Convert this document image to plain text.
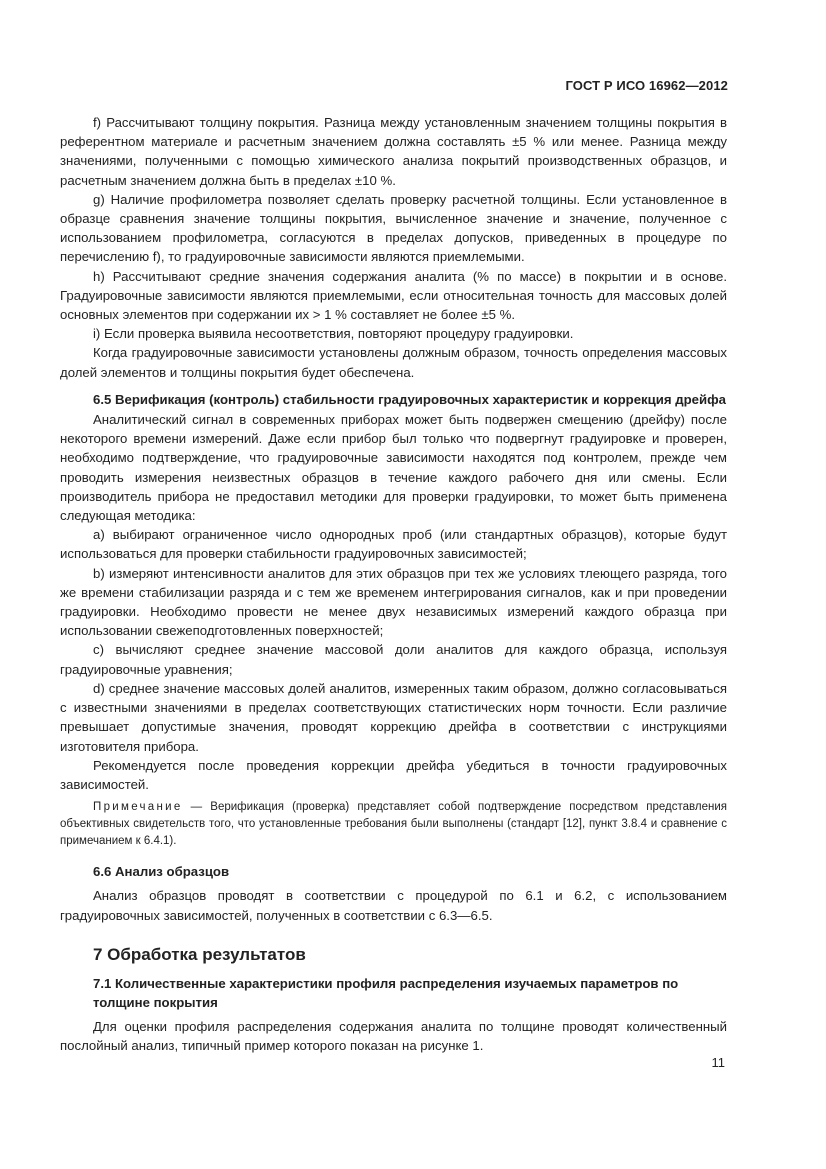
ГОСТ Р ИСО 16962—2012

f) Рассчитывают толщину покрытия. Разница между установленным значением толщины покрытия в референтном материале и расчетным значением должна составлять ±5 % или менее. Разница между значениями, полученными с помощью химического анализа покрытий производственных образцов, и расчетным значением должна быть в пределах ±10 %.

g) Наличие профилометра позволяет сделать проверку расчетной толщины. Если установленное в образце сравнения значение толщины покрытия, вычисленное значение и значение, полученное с использованием профилометра, согласуются в пределах допусков, приведенных в процедуре по перечислению f), то градуировочные зависимости являются приемлемыми.

h) Рассчитывают средние значения содержания аналита (% по массе) в покрытии и в основе. Градуировочные зависимости являются приемлемыми, если относительная точность для массовых долей основных элементов при содержании их > 1 % составляет не более ±5 %.

i) Если проверка выявила несоответствия, повторяют процедуру градуировки.

Когда градуировочные зависимости установлены должным образом, точность определения массовых долей элементов и толщины покрытия будет обеспечена.

6.5 Верификация (контроль) стабильности градуировочных характеристик и коррекция дрейфа

Аналитический сигнал в современных приборах может быть подвержен смещению (дрейфу) после некоторого времени измерений. Даже если прибор был только что подвергнут градуировке и проверен, необходимо подтверждение, что градуировочные зависимости находятся под контролем, прежде чем проводить измерения неизвестных образцов в течение каждого рабочего дня или смены. Если производитель прибора не предоставил методики для проверки градуировки, то может быть применена следующая методика:

a) выбирают ограниченное число однородных проб (или стандартных образцов), которые будут использоваться для проверки стабильности градуировочных зависимостей;

b) измеряют интенсивности аналитов для этих образцов при тех же условиях тлеющего разряда, того же времени стабилизации разряда и с тем же временем интегрирования сигналов, как и при проведении градуировки. Необходимо провести не менее двух независимых измерений каждого образца при использовании свежеподготовленных поверхностей;

c) вычисляют среднее значение массовой доли аналитов для каждого образца, используя градуировочные уравнения;

d) среднее значение массовых долей аналитов, измеренных таким образом, должно согласовываться с известными значениями в пределах соответствующих статистических норм точности. Если различие превышает допустимые значения, проводят коррекцию дрейфа в соответствии с инструкциями изготовителя прибора.

Рекомендуется после проведения коррекции дрейфа убедиться в точности градуировочных зависимостей.

Примечание — Верификация (проверка) представляет собой подтверждение посредством представления объективных свидетельств того, что установленные требования были выполнены (стандарт [12], пункт 3.8.4 и сравнение с примечанием к 6.4.1).

6.6 Анализ образцов

Анализ образцов проводят в соответствии с процедурой по 6.1 и 6.2, с использованием градуировочных зависимостей, полученных в соответствии с 6.3—6.5.

7 Обработка результатов
7.1 Количественные характеристики профиля распределения изучаемых параметров по толщине покрытия

Для оценки профиля распределения содержания аналита по толщине проводят количественный послойный анализ, типичный пример которого показан на рисунке 1.

11
